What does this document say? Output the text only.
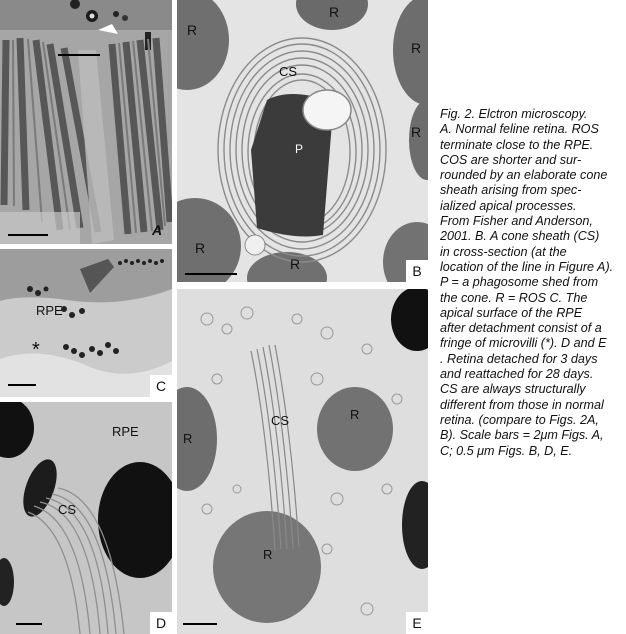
A
R
R
R
R
R
R
CS
P
B
RPE
*
C
RPE
CS
D
R
R
R
CS
E
Fig. 2. Elctron microscopy.
A. Normal feline retina. ROS
terminate close to the RPE.
COS are shorter and sur-
rounded by an elaborate cone
sheath arising from spec-
ialized apical processes.
From Fisher and Anderson,
2001. B. A cone sheath (CS)
in cross-section (at the
location of the line in Figure A).
P = a phagosome shed from
the cone. R = ROS C. The
apical surface of the RPE
after detachment consist of a
fringe of microvilli (*). D and E
. Retina detached for 3 days
and reattached for 28 days.
CS are always structurally
different from those in normal
retina. (compare to Figs. 2A,
B). Scale bars = 2μm Figs. A,
C; 0.5 μm Figs. B, D, E.
